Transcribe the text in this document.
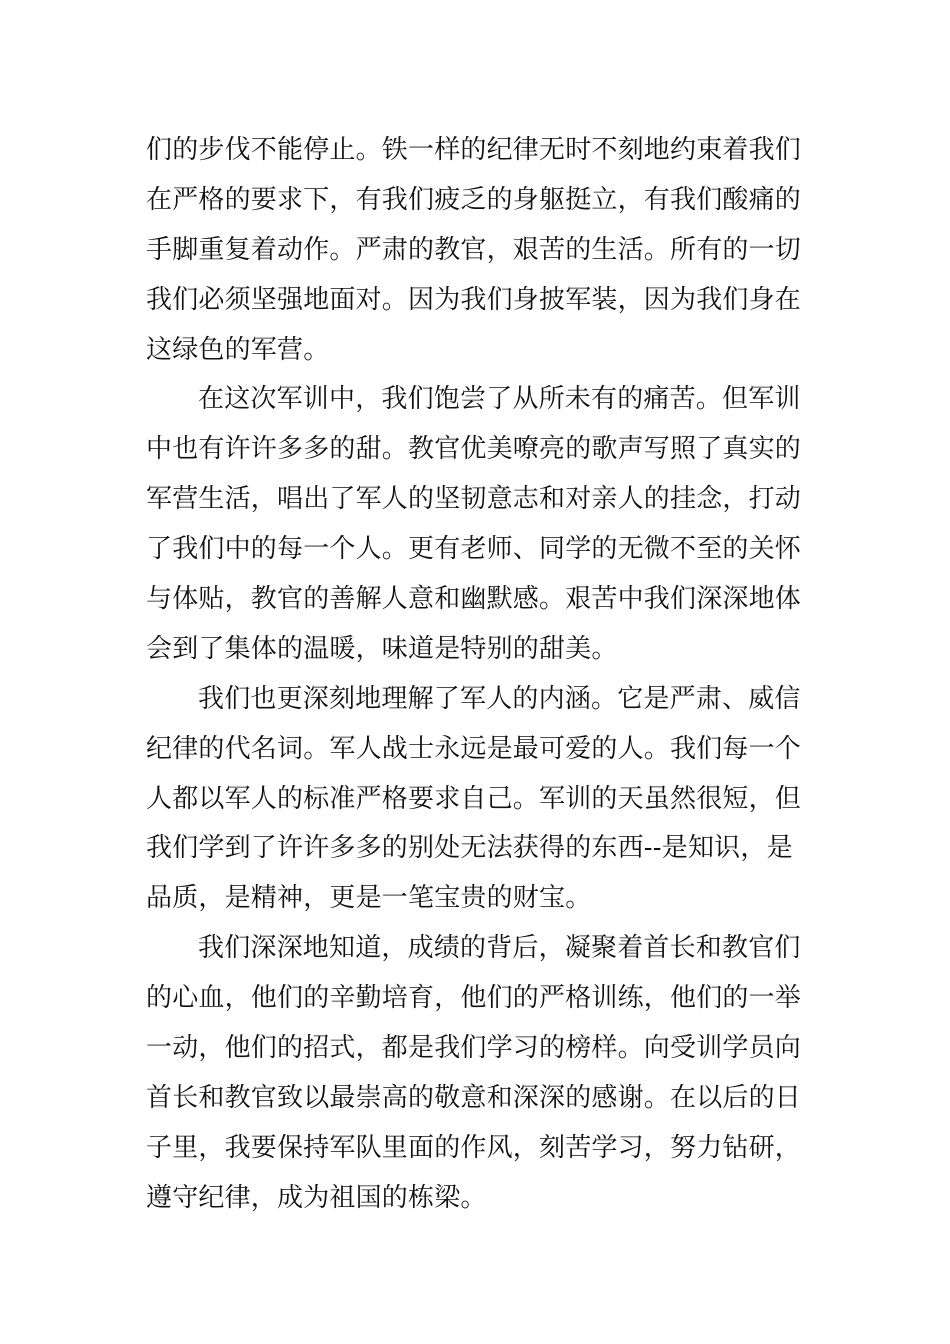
们的步伐不能停止。铁一样的纪律无时不刻地约束着我们
在严格的要求下，有我们疲乏的身躯挺立，有我们酸痛的
手脚重复着动作。严肃的教官，艰苦的生活。所有的一切
我们必须坚强地面对。因为我们身披军装，因为我们身在
这绿色的军营。
在这次军训中，我们饱尝了从所未有的痛苦。但军训
中也有许许多多的甜。教官优美嘹亮的歌声写照了真实的
军营生活，唱出了军人的坚韧意志和对亲人的挂念，打动
了我们中的每一个人。更有老师、同学的无微不至的关怀
与体贴，教官的善解人意和幽默感。艰苦中我们深深地体
会到了集体的温暖，味道是特别的甜美。
我们也更深刻地理解了军人的内涵。它是严肃、威信
纪律的代名词。军人战士永远是最可爱的人。我们每一个
人都以军人的标准严格要求自己。军训的天虽然很短，但
我们学到了许许多多的别处无法获得的东西--是知识，是
品质，是精神，更是一笔宝贵的财宝。
我们深深地知道，成绩的背后，凝聚着首长和教官们
的心血，他们的辛勤培育，他们的严格训练，他们的一举
一动，他们的招式，都是我们学习的榜样。向受训学员向
首长和教官致以最崇高的敬意和深深的感谢。在以后的日
子里，我要保持军队里面的作风，刻苦学习，努力钻研，
遵守纪律，成为祖国的栋梁。
